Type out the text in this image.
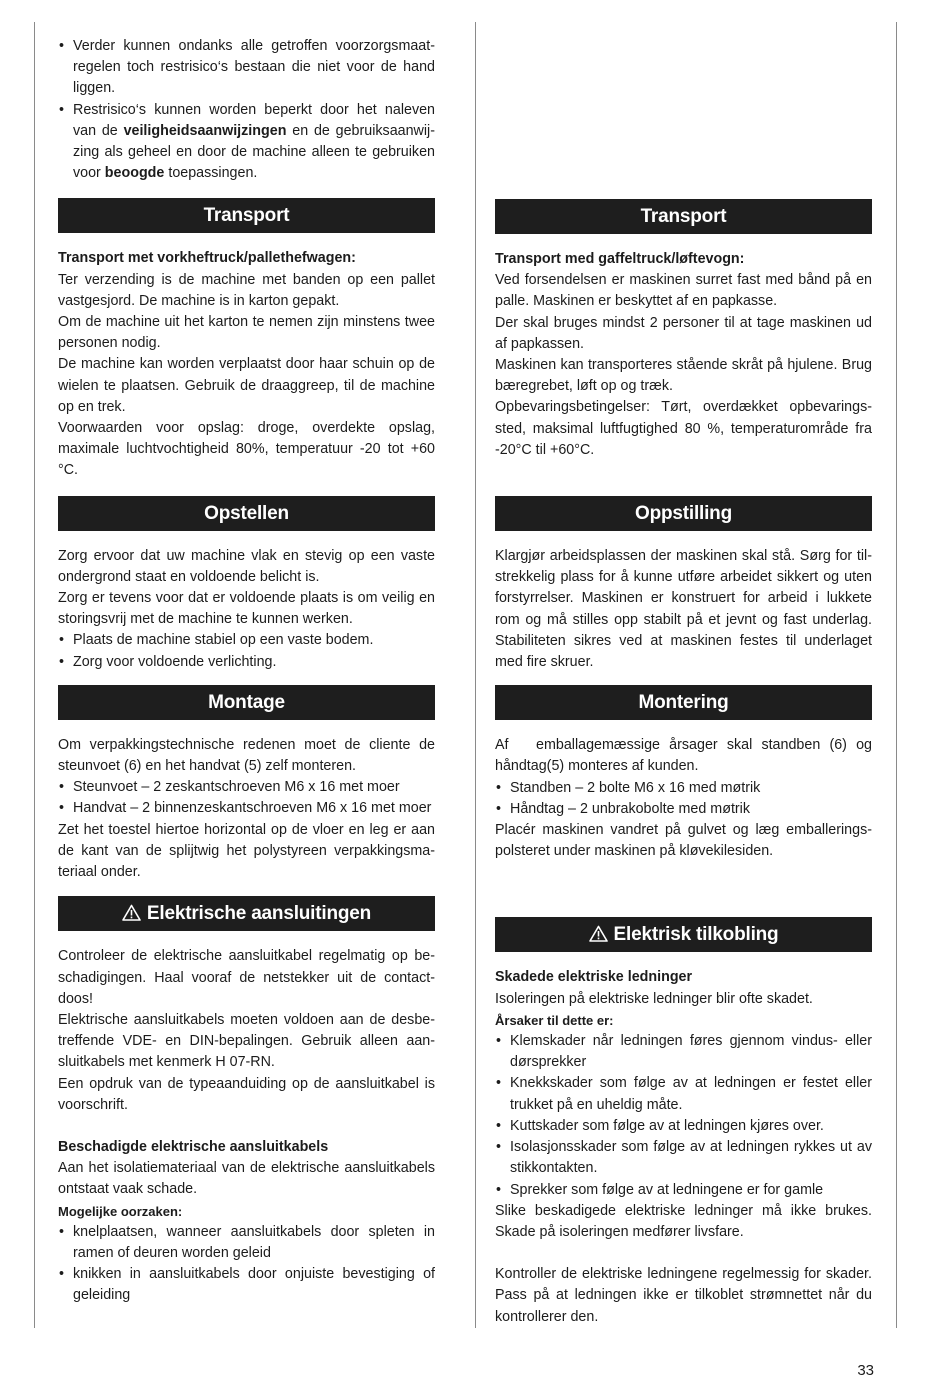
• Verder kunnen ondanks alle getroffen voorzorgsmaatregelen toch restrisico‘s bestaan die niet voor de hand liggen.
• Restrisico‘s kunnen worden beperkt door het naleven van de veiligheidsaanwijzingen en de gebruiksaanwijzing als geheel en door de machine alleen te gebruiken voor beoogde toepassingen.
Transport

Transport met vorkheftruck/pallethefwagen:

Ter verzending is de machine met banden op een pallet vastgesjord. De machine is in karton gepakt.

Om de machine uit het karton te nemen zijn minstens twee personen nodig.

De machine kan worden verplaatst door haar schuin op de wielen te plaatsen. Gebruik de draaggreep, til de machine op en trek.

Voorwaarden voor opslag: droge, overdekte opslag, maximale luchtvochtigheid 80%, temperatuur -20 tot +60 °C.

Opstellen

Zorg ervoor dat uw machine vlak en stevig op een vaste ondergrond staat en voldoende belicht is.

Zorg er tevens voor dat er voldoende plaats is om veilig en storingsvrij met de machine te kunnen werken.

• Plaats de machine stabiel op een vaste bodem.
• Zorg voor voldoende verlichting.
Montage

Om verpakkingstechnische redenen moet de cliente de steunvoet (6) en het handvat (5) zelf monteren.

• Steunvoet – 2 zeskantschroeven M6 x 16 met moer
• Handvat – 2 binnenzeskantschroeven M6 x 16 met moer

Zet het toestel hiertoe horizontal op de vloer en leg er aan de kant van de splijtwig het polystyreen verpakkingsmateriaal onder.

Elektrische aansluitingen

Controleer de elektrische aansluitkabel regelmatig op beschadigingen. Haal vooraf de netstekker uit de contactdoos!

Elektrische aansluitkabels moeten voldoen aan de desbetreffende VDE- en DIN-bepalingen. Gebruik alleen aansluitkabels met kenmerk H 07-RN.

Een opdruk van de typeaanduiding op de aansluitkabel is voorschrift.

Beschadigde elektrische aansluitkabels

Aan het isolatiemateriaal van de elektrische aansluitkabels ontstaat vaak schade.

Mogelijke oorzaken:

• knelplaatsen, wanneer aansluitkabels door spleten in ramen of deuren worden geleid
• knikken in aansluitkabels door onjuiste bevestiging of geleiding
Transport

Transport med gaffeltruck/løftevogn:

Ved forsendelsen er maskinen surret fast med bånd på en palle. Maskinen er beskyttet af en papkasse.

Der skal bruges mindst 2 personer til at tage maskinen ud af papkassen.

Maskinen kan transporteres stående skråt på hjulene. Brug bæregrebet, løft op og træk.

Opbevaringsbetingelser: Tørt, overdækket opbevaringssted, maksimal luftfugtighed 80 %, temperaturområde fra -20°C til +60°C.

Oppstilling

Klargjør arbeidsplassen der maskinen skal stå. Sørg for tilstrekkelig plass for å kunne utføre arbeidet sikkert og uten forstyrrelser. Maskinen er konstruert for arbeid i lukkete rom og må stilles opp stabilt på et jevnt og fast underlag. Stabiliteten sikres ved at maskinen festes til underlaget med fire skruer.

Montering

Af   emballagemæssige årsager skal standben (6) og håndtag(5) monteres af kunden.

• Standben – 2 bolte M6 x 16 med møtrik
• Håndtag – 2 unbrakobolte med møtrik

Placér maskinen vandret på gulvet og læg emballeringspolsteret under maskinen på kløvekilesiden.

Elektrisk tilkobling

Skadede elektriske ledninger

Isoleringen på elektriske ledninger blir ofte skadet.

Årsaker til dette er:

• Klemskader når ledningen føres gjennom vindus- eller dørsprekker
• Knekkskader som følge av at ledningen er festet eller trukket på en uheldig måte.
• Kuttskader som følge av at ledningen kjøres over.
• Isolasjonsskader som følge av at ledningen rykkes ut av stikkontakten.
• Sprekker som følge av at ledningene er for gamle

Slike beskadigede elektriske ledninger må ikke brukes. Skade på isoleringen medfører livsfare.

Kontroller de elektriske ledningene regelmessig for skader. Pass på at ledningen ikke er tilkoblet strømnettet når du kontrollerer den.

33
